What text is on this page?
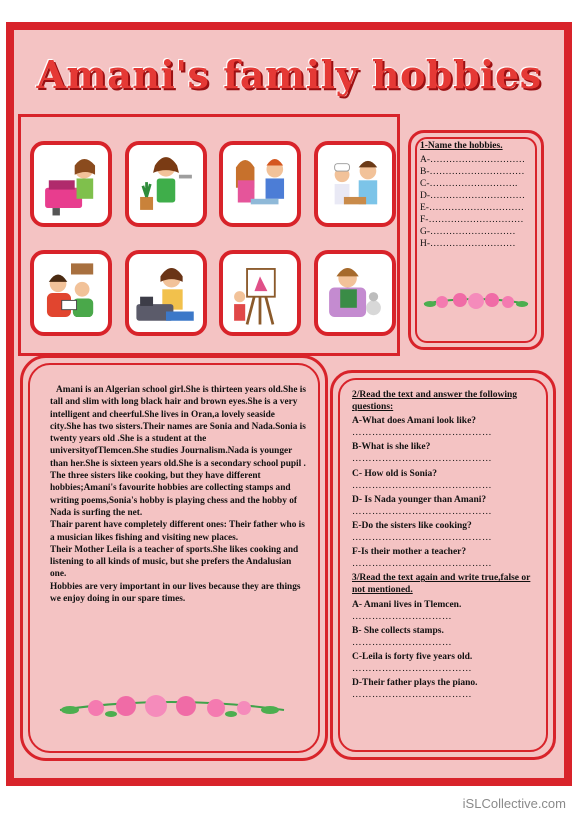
Amani's family hobbies
1-Name the hobbies.
A-…………………………
B-…………………………
C-……………………….
D-…………………………
E-…………………………
F-…………………………
G-………………………
H-………………………

Amani is an Algerian school girl.She is thirteen years old.She is tall and slim with long black hair and brown eyes.She is a very intelligent and cheerful.She lives in Oran,a lovely seaside city.She has two sisters.Their names are Sonia and Nada.Sonia is twenty years old .She is a student at the universityofTlemcen.She studies Journalism.Nada is younger than her.She is sixteen years old.She is a secondary school pupil . The three sisters like cooking, but they have different hobbies;Amani's favourite hobbies are collecting stamps and writing poems,Sonia's hobby is playing chess and the hobby of Nada is surfing the net.

Thair parent have completely different ones: Their father who is a musician likes fishing and visiting new places.

Their Mother Leila is a teacher of sports.She likes cooking and listening to all kinds of music, but she prefers the Andalusian one.

Hobbies are very important in our lives because they are things we enjoy doing in our spare times.

2/Read the text and answer the following questions:
A-What does Amani look like?
……………………………………
B-What is she like?
……………………………………
C- How old is Sonia?
……………………………………
D- Is Nada younger than Amani?
……………………………………
E-Do the sisters like cooking?
……………………………………
F-Is their mother a teacher?
……………………………………
3/Read the text again and write true,false or not mentioned.
A- Amani lives in Tlemcen.
…………………………
B- She collects stamps.
…………………………
C-Leila is forty five years old.
………………………………
D-Their father plays the piano.
………………………………
iSLCollective.com
